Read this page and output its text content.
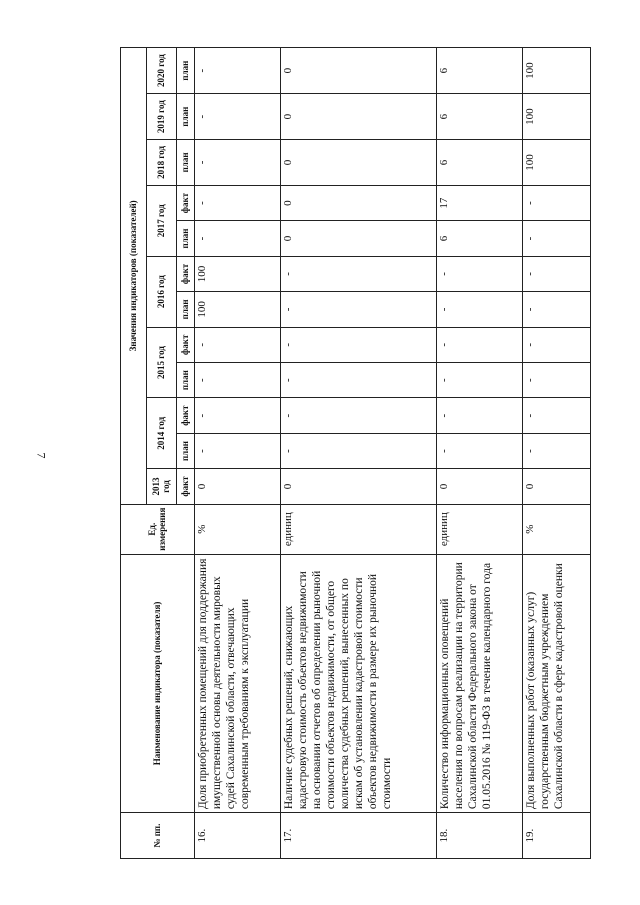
7
№ пп.	Наименование индикатора (показателя)	Ед. измерения	Значения индикаторов (показателей)											
			2013 год	2014 год		2015 год		2016 год		2017 год		2018 год	2019 год	2020 год
			факт	план	факт	план	факт	план	факт	план	факт	план	план	план
16.	Доля приобретенных помещений для поддержания имущественной основы деятельности мировых судей Сахалинской области, отвечающих современным требованиям к эксплуатации	%	0	-	-	-	-	100	100	-	-	-	-	-
17.	Наличие судебных решений, снижающих кадастровую стоимость объектов недвижимости на основании отчетов об определении рыночной стоимости объектов недвижимости, от общего количества судебных решений, вынесенных по искам об установлении кадастровой стоимости объектов недвижимости в размере их рыночной стоимости	единиц	0	-	-	-	-	-	-	0	0	0	0	0
18.	Количество информационных оповещений населения по вопросам реализации на территории Сахалинской области Федерального закона от 01.05.2016 № 119-ФЗ в течение календарного года	единиц	0	-	-	-	-	-	-	6	17	6	6	6
19.	Доля выполненных работ (оказанных услуг) государственным бюджетным учреждением Сахалинской области в сфере кадастровой оценки	%	0	-	-	-	-	-	-	-	-	100	100	100
